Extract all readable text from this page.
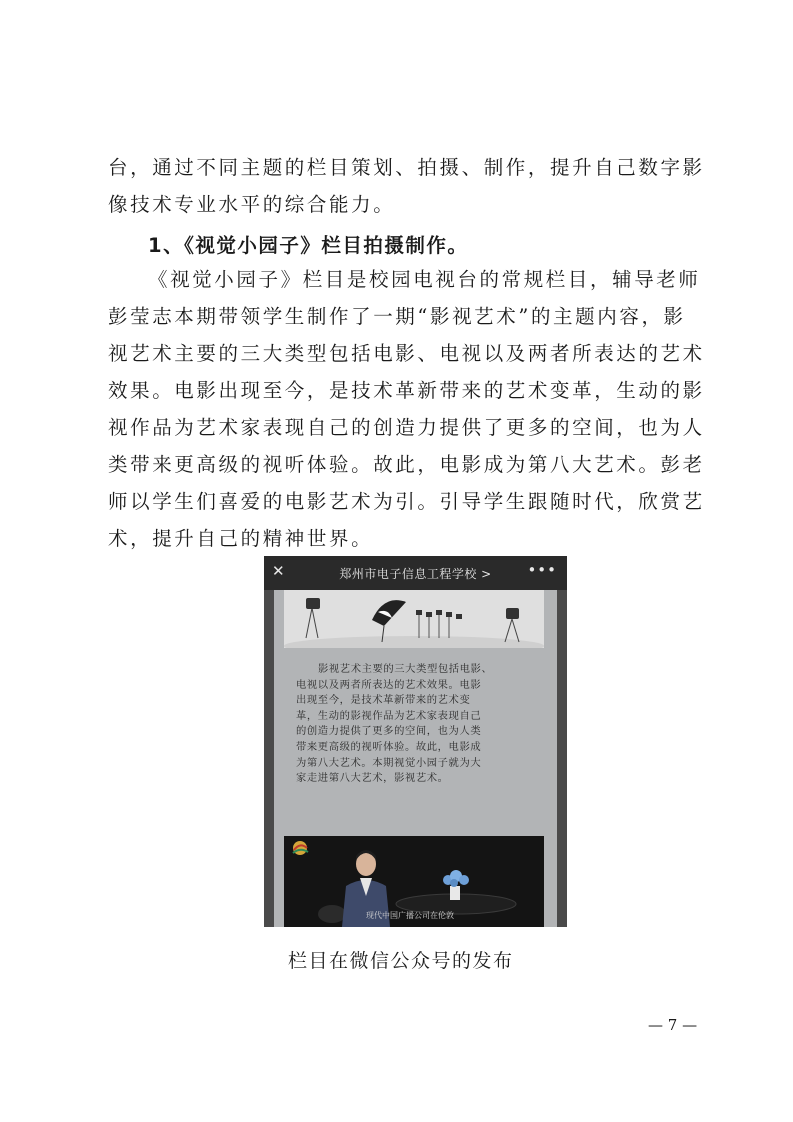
台，通过不同主题的栏目策划、拍摄、制作，提升自己数字影
像技术专业水平的综合能力。
1、《视觉小园子》栏目拍摄制作。
《视觉小园子》栏目是校园电视台的常规栏目，辅导老师
彭莹志本期带领学生制作了一期“影视艺术”的主题内容，影
视艺术主要的三大类型包括电影、电视以及两者所表达的艺术
效果。电影出现至今，是技术革新带来的艺术变革，生动的影
视作品为艺术家表现自己的创造力提供了更多的空间，也为人
类带来更高级的视听体验。故此，电影成为第八大艺术。彭老
师以学生们喜爱的电影艺术为引。引导学生跟随时代，欣赏艺
术，提升自己的精神世界。
✕	郑州市电子信息工程学校 >	•••
影视艺术主要的三大类型包括电影、
电视以及两者所表达的艺术效果。电影
出现至今，是技术革新带来的艺术变
革，生动的影视作品为艺术家表现自己
的创造力提供了更多的空间，也为人类
带来更高级的视听体验。故此，电影成
为第八大艺术。本期视觉小园子就为大
家走进第八大艺术，影视艺术。
现代中国广播公司在伦敦
栏目在微信公众号的发布
— 7 —
